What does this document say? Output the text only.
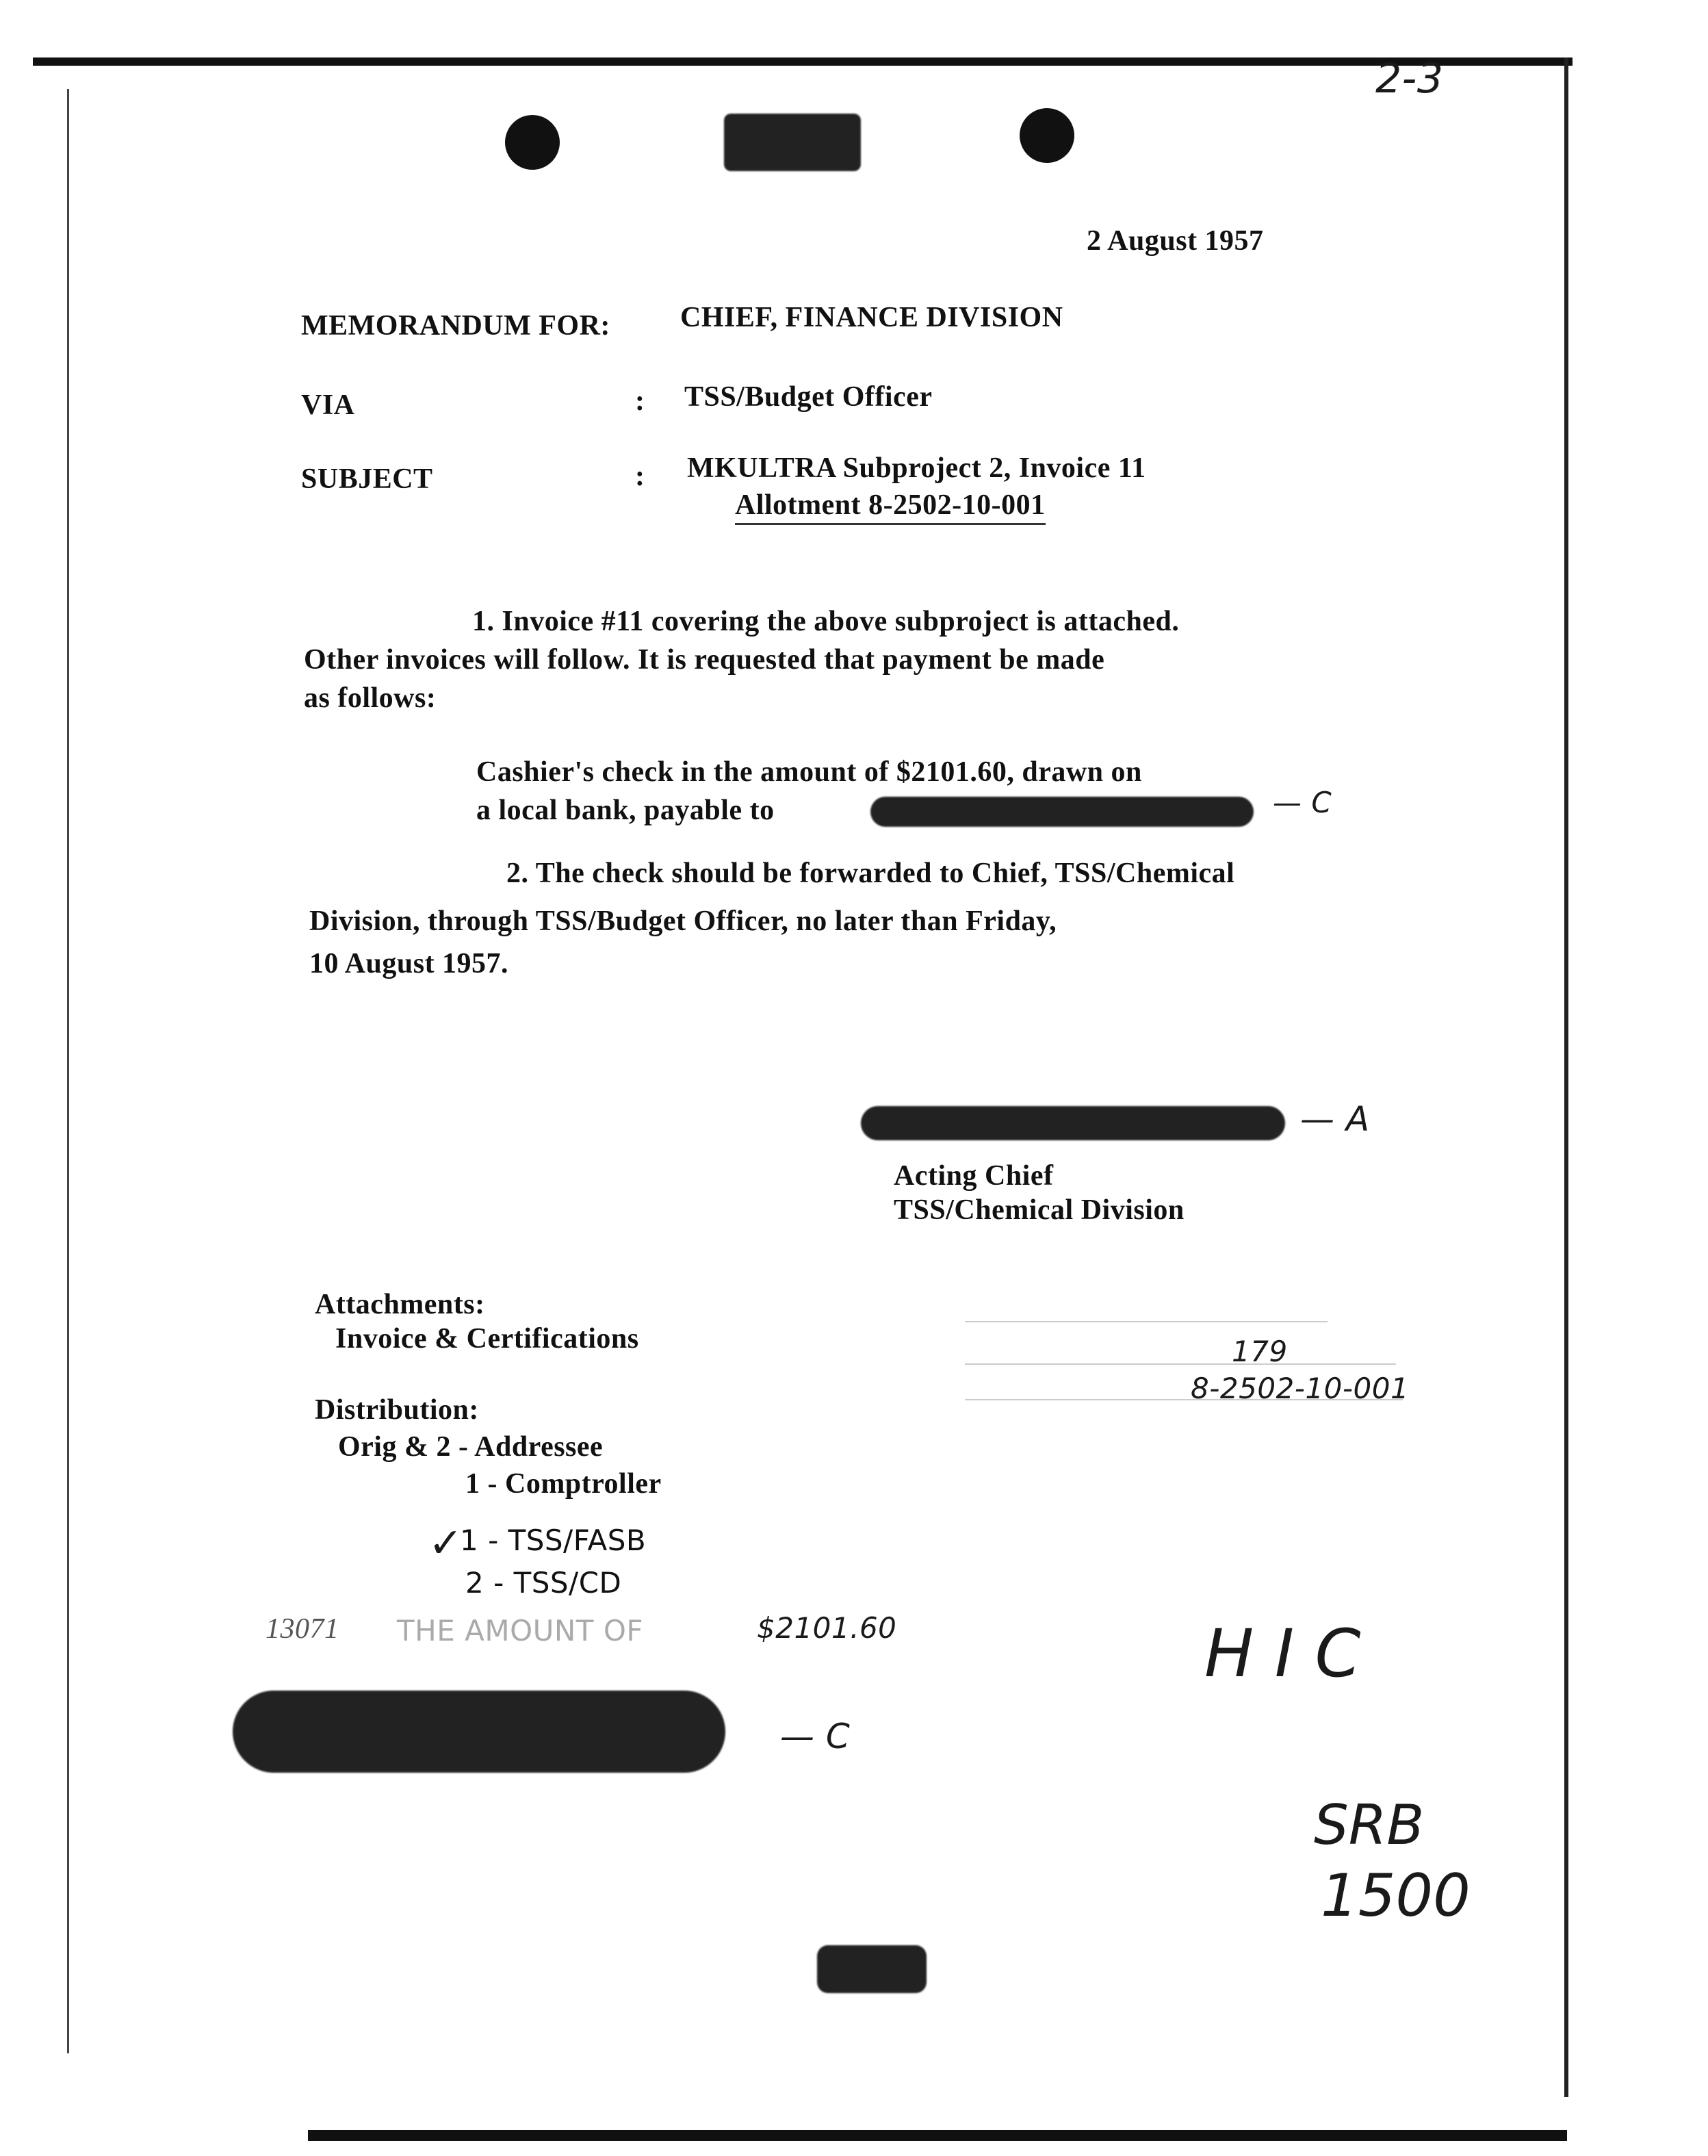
2-3
2 August 1957
MEMORANDUM FOR: CHIEF, FINANCE DIVISION
VIA	: TSS/Budget Officer
SUBJECT	: MKULTRA Subproject 2, Invoice 11
Allotment 8-2502-10-001
1. Invoice #11 covering the above subproject is attached.
Other invoices will follow. It is requested that payment be made
as follows:
Cashier's check in the amount of $2101.60, drawn on
a local bank, payable to	— C
2. The check should be forwarded to Chief, TSS/Chemical
Division, through TSS/Budget Officer, no later than Friday,
10 August 1957.
— A
Acting Chief
TSS/Chemical Division
Attachments:
Invoice & Certifications	179
8-2502-10-001
Distribution:
Orig & 2 - Addressee
1 - Comptroller
✓
1 - TSS/FASB
2 - TSS/CD
13071 THE AMOUNT OF	$2101.60
— C
H I C
SRB
1500
